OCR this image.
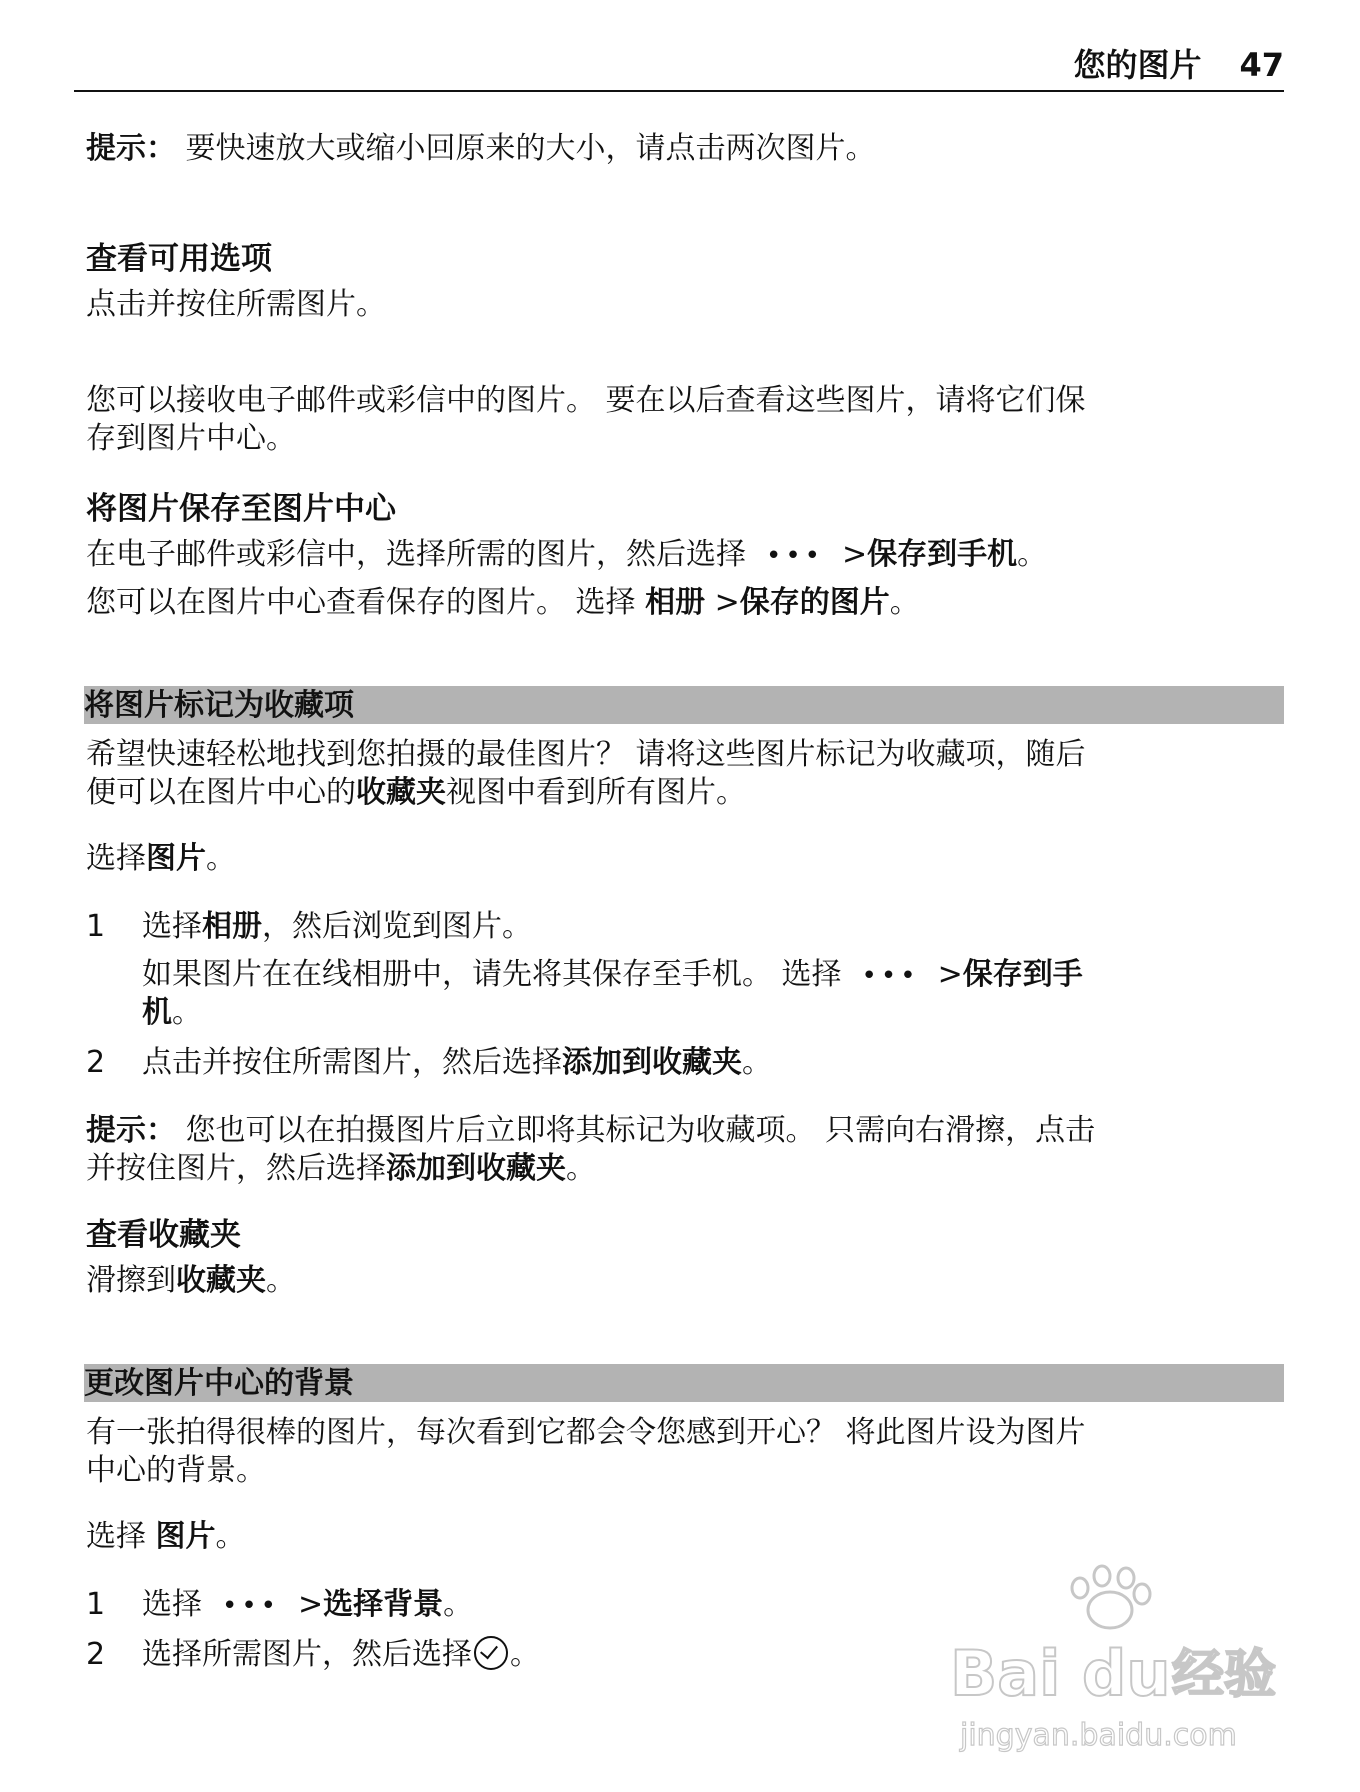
您的图片 47
提示： 要快速放大或缩小回原来的大小，请点击两次图片。
查看可用选项
点击并按住所需图片。
您可以接收电子邮件或彩信中的图片。 要在以后查看这些图片，请将它们保
存到图片中心。
将图片保存至图片中心
在电子邮件或彩信中，选择所需的图片，然后选择 ••• >保存到手机。
您可以在图片中心查看保存的图片。 选择 相册 >保存的图片。
将图片标记为收藏项
希望快速轻松地找到您拍摄的最佳图片？ 请将这些图片标记为收藏项，随后
便可以在图片中心的收藏夹视图中看到所有图片。
选择图片。
1 选择相册，然后浏览到图片。
如果图片在在线相册中，请先将其保存至手机。 选择 ••• >保存到手
机。
2 点击并按住所需图片，然后选择添加到收藏夹。
提示： 您也可以在拍摄图片后立即将其标记为收藏项。 只需向右滑擦，点击
并按住图片，然后选择添加到收藏夹。
查看收藏夹
滑擦到收藏夹。
更改图片中心的背景
有一张拍得很棒的图片，每次看到它都会令您感到开心？ 将此图片设为图片
中心的背景。
选择 图片。
1 选择 ••• >选择背景。
2 选择所需图片，然后选择 。	Bai du 经验
jingyan.baidu.com
